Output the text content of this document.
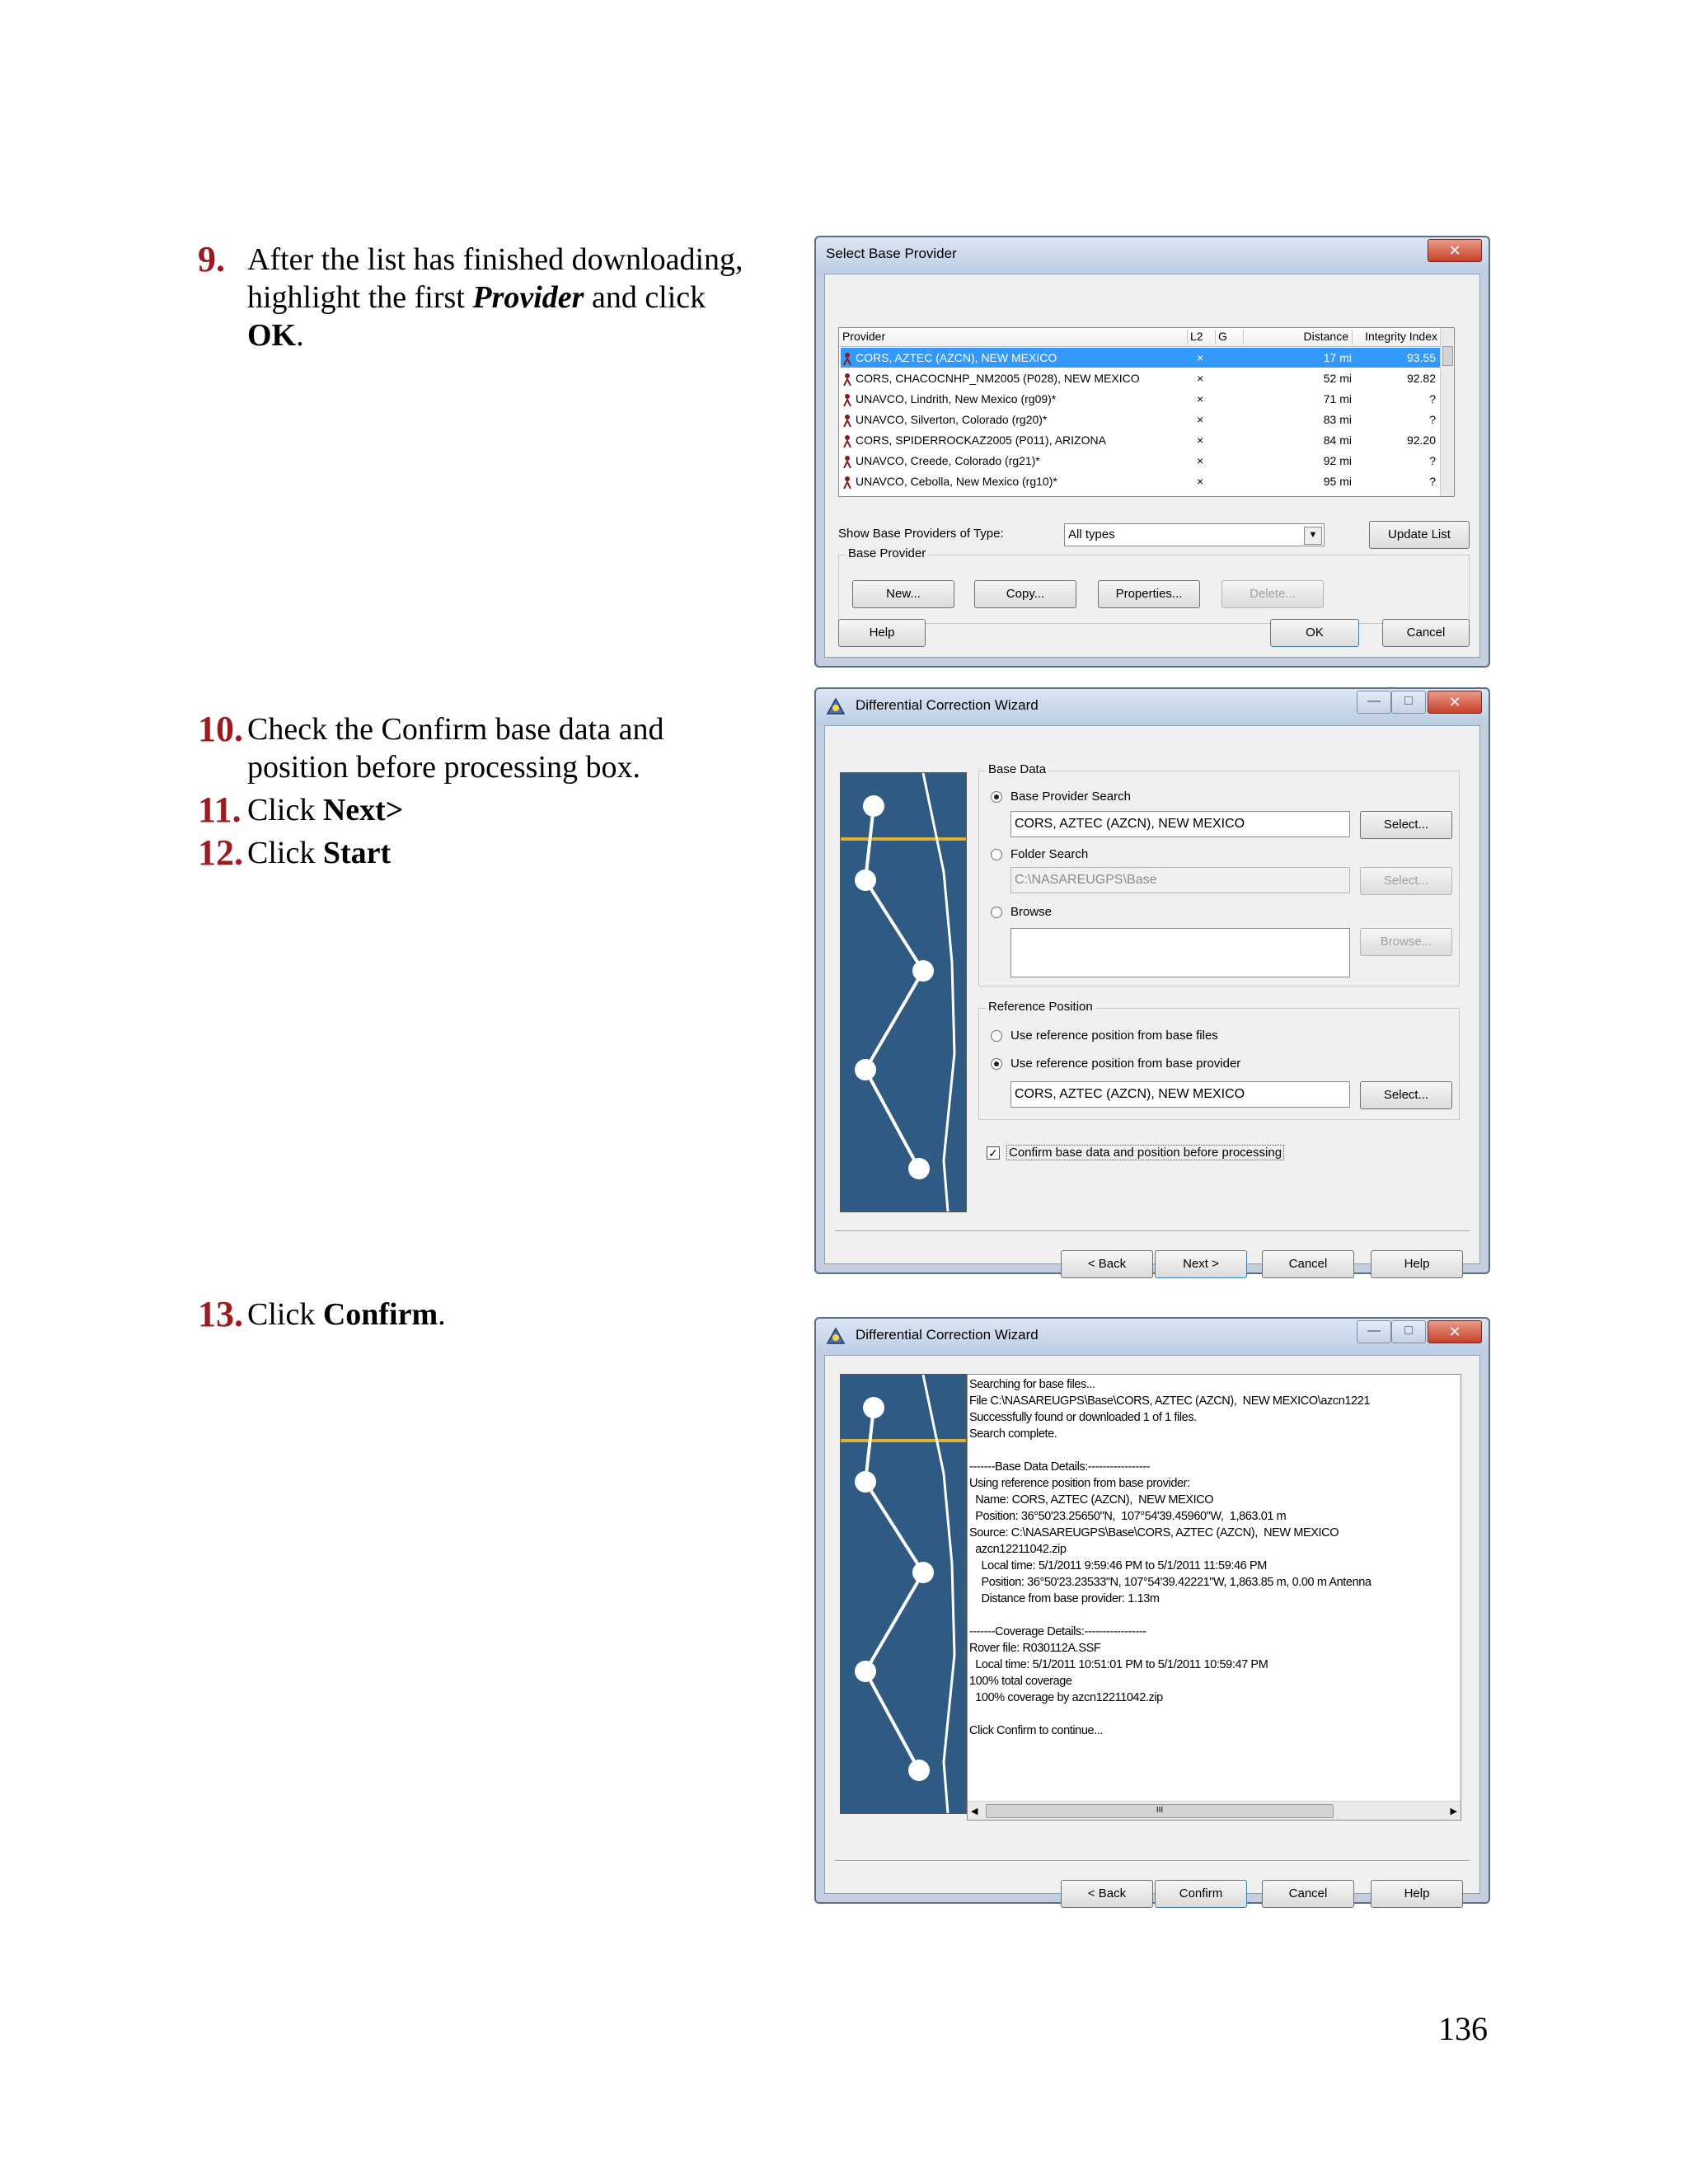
9. After the list has finished downloading,
highlight the first Provider and click
OK.
10. Check the Confirm base data and
position before processing box.
11. Click Next>
12. Click Start
13. Click Confirm.
136
Select Base Provider	✕
Provider	L2	G	Distance	Integrity Index
CORS, AZTEC (AZCN), NEW MEXICO	×	17 mi	93.55
CORS, CHACOCNHP_NM2005 (P028), NEW MEXICO	×	52 mi	92.82
UNAVCO, Lindrith, New Mexico (rg09)*	×	71 mi	?
UNAVCO, Silverton, Colorado (rg20)*	×	83 mi	?
CORS, SPIDERROCKAZ2005 (P011), ARIZONA	×	84 mi	92.20
UNAVCO, Creede, Colorado (rg21)*	×	92 mi	?
UNAVCO, Cebolla, New Mexico (rg10)*	×	95 mi	?
Show Base Providers of Type:	All types	▼	Update List
Base Provider
New...	Copy...	Properties...	Delete...
Help	OK	Cancel
Differential Correction Wizard	—	□	✕
Base Data
Base Provider Search
CORS, AZTEC (AZCN), NEW MEXICO	Select...
Folder Search
C:\NASAREUGPS\Base	Select...
Browse
Browse...
Reference Position
Use reference position from base files
Use reference position from base provider
CORS, AZTEC (AZCN), NEW MEXICO	Select...
✓ Confirm base data and position before processing
< Back	Next >	Cancel	Help
Differential Correction Wizard	—	□	✕
Searching for base files...
File C:\NASAREUGPS\Base\CORS, AZTEC (AZCN),  NEW MEXICO\azcn1221
Successfully found or downloaded 1 of 1 files.
Search complete.
-------Base Data Details:-----------------
Using reference position from base provider:
Name: CORS, AZTEC (AZCN),  NEW MEXICO
Position: 36°50'23.25650"N,  107°54'39.45960"W,  1,863.01 m
Source: C:\NASAREUGPS\Base\CORS, AZTEC (AZCN),  NEW MEXICO
azcn12211042.zip
Local time: 5/1/2011 9:59:46 PM to 5/1/2011 11:59:46 PM
Position: 36°50'23.23533"N, 107°54'39.42221"W, 1,863.85 m, 0.00 m Antenna
Distance from base provider: 1.13m
-------Coverage Details:-----------------
Rover file: R030112A.SSF
Local time: 5/1/2011 10:51:01 PM to 5/1/2011 10:59:47 PM
100% total coverage
100% coverage by azcn12211042.zip
Click Confirm to continue...
◀	III	▶
< Back	Confirm	Cancel	Help
